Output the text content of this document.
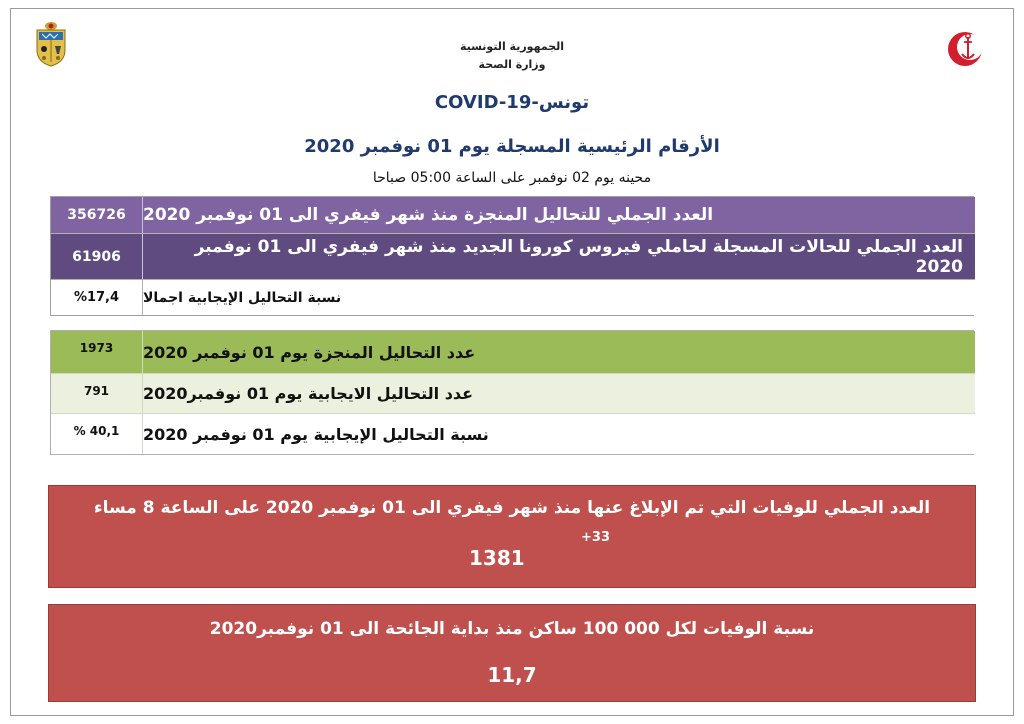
الجمهورية التونسية
وزارة الصحة
COVID-19-تونس
الأرقام الرئيسية المسجلة يوم 01 نوفمبر 2020
محينه يوم 02 نوفمبر على الساعة 05:00 صباحا
356726	العدد الجملي للتحاليل المنجزة منذ شهر فيفري الى 01 نوفمبر 2020
61906	العدد الجملي للحالات المسجلة لحاملي فيروس كورونا الجديد منذ شهر فيفري الى 01 نوفمبر 2020
%17,4	نسبة التحاليل الإيجابية اجمالا
1973	عدد التحاليل المنجزة يوم 01 نوفمبر 2020
791	عدد التحاليل الايجابية يوم 01 نوفمبر2020
% 40,1	نسبة التحاليل الإيجابية يوم 01 نوفمبر 2020
العدد الجملي للوفيات التي تم الإبلاغ عنها منذ شهر فيفري الى 01 نوفمبر 2020 على الساعة 8 مساء
+33
1381
نسبة الوفيات لكل 000 100 ساكن منذ بداية الجائحة الى 01 نوفمبر2020
11,7
